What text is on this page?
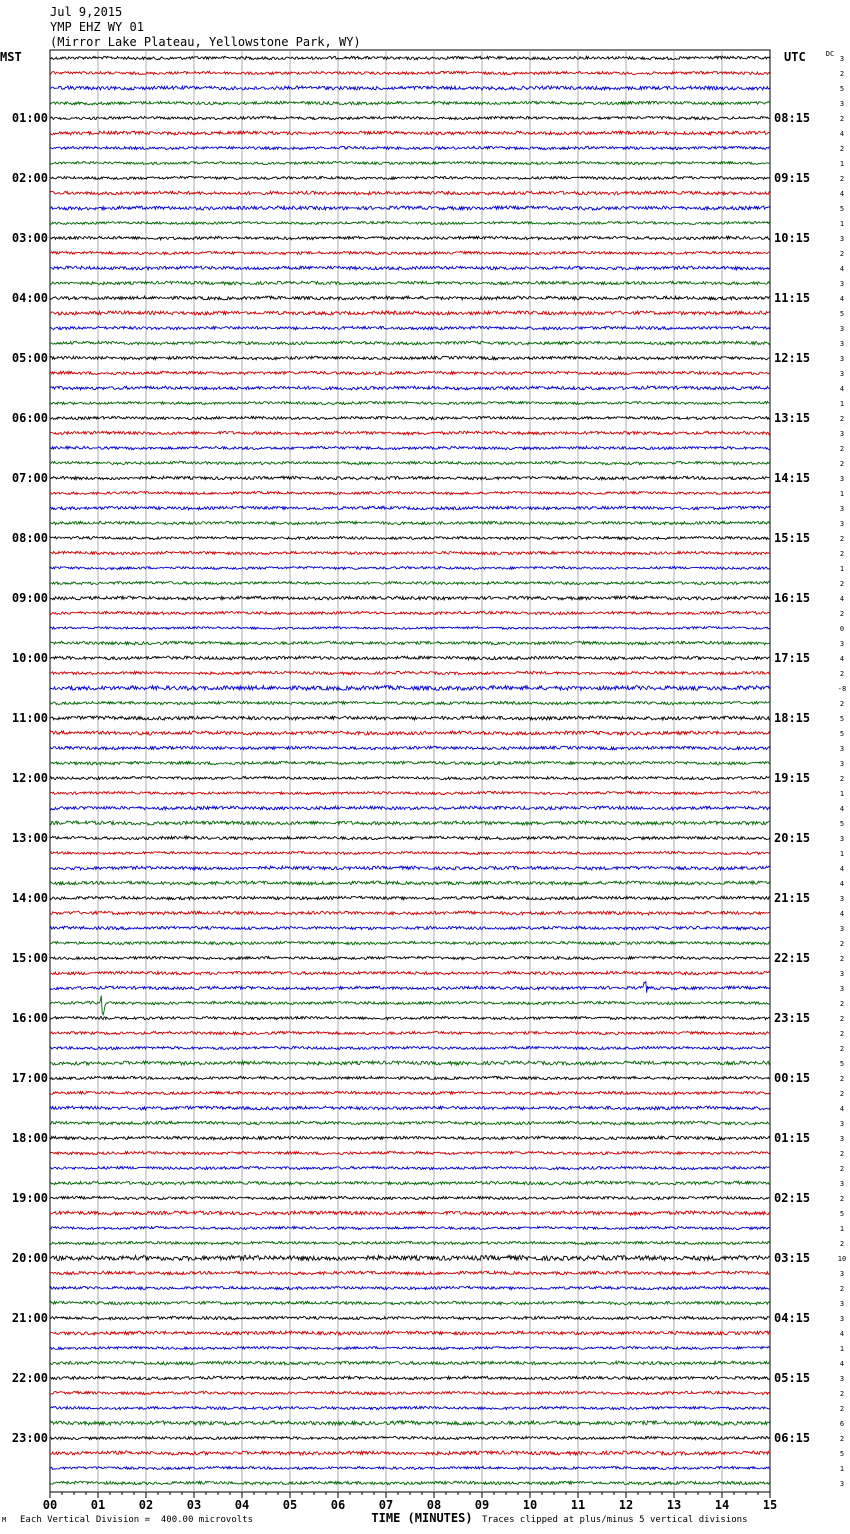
Jul 9,2015
YMP EHZ WY 01
(Mirror Lake Plateau, Yellowstone Park, WY)
MST	UTC	3
2
5
3
2
4
2
1
2
4
5
1
3
2
4
3
4
5
3
3
3
3
4
1
2
3
2
2
3
1
3
3
2
2
1
2
4
2
0
3
4
2
-8
2
5
5
3
3
2
1
4
5
3
1
4
4
3
4
3
2
2
3
3
2
2
2
2
5
2
2
4
3
3
2
2
3
2
5
1
2
10
3
2
3
3
4
1
4
3
2
2
6
2
5
1
3
DC
01:00
02:00
03:00
04:00
05:00
06:00
07:00
08:00
09:00
10:00
11:00
12:00
13:00
14:00
15:00
16:00
17:00
18:00
19:00
20:00
21:00
22:00
23:00
08:15
09:15
10:15
11:15
12:15
13:15
14:15
15:15
16:15
17:15
18:15
19:15
20:15
21:15
22:15
23:15
00:15
01:15
02:15
03:15
04:15
05:15
06:15
00	01	02	03	04	05	06	07	08	09	10	11	12	13	14	15
TIME (MINUTES)
M Each Vertical Division =  400.00 microvolts	Traces clipped at plus/minus 5 vertical divisions
